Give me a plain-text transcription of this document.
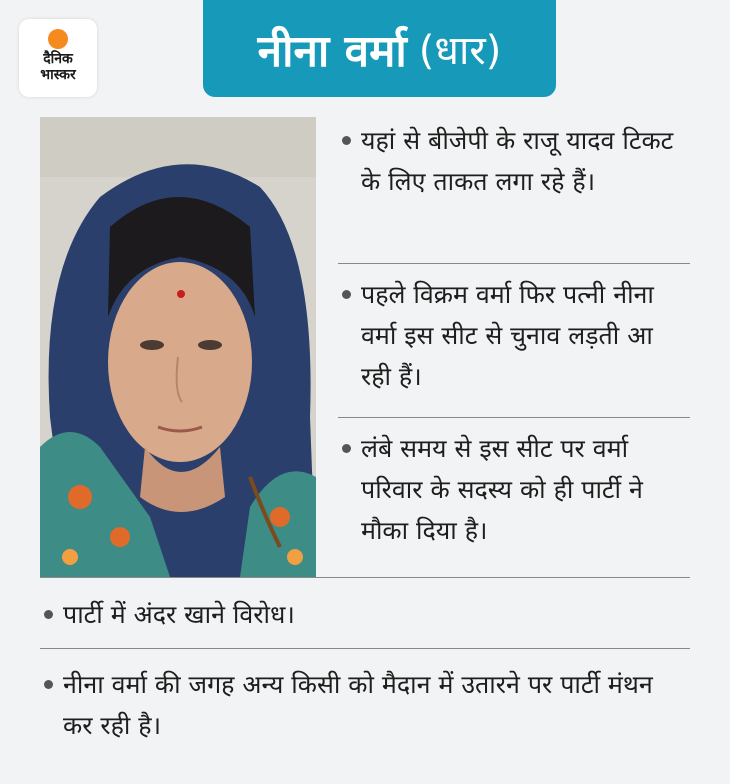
दैनिक
भास्कर	नीना वर्मा (धार)
यहां से बीजेपी के राजू यादव टिकट के लिए ताकत लगा रहे हैं।
पहले विक्रम वर्मा फिर पत्नी नीना वर्मा इस सीट से चुनाव लड़ती आ रही हैं।
लंबे समय से इस सीट पर वर्मा परिवार के सदस्य को ही पार्टी ने मौका दिया है।
पार्टी में अंदर खाने विरोध।
नीना वर्मा की जगह अन्य किसी को मैदान में उतारने पर पार्टी मंथन कर रही है।
